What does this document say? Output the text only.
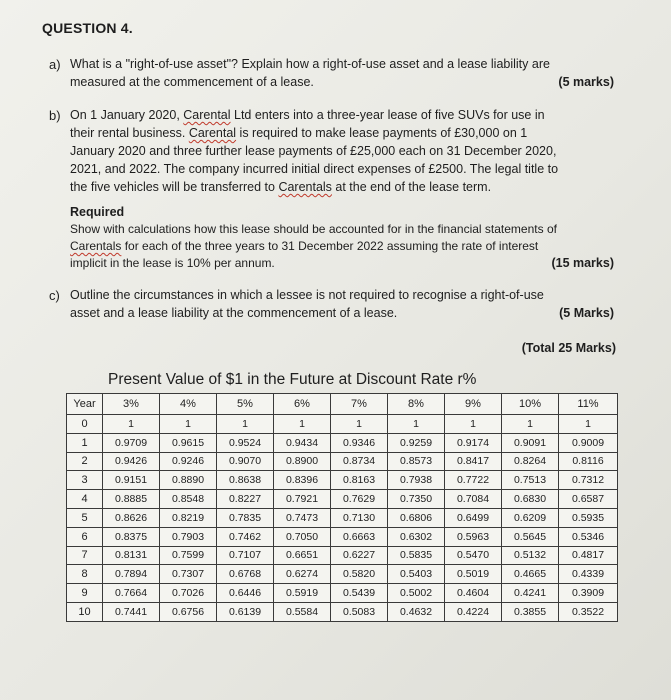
QUESTION 4.
a) What is a "right-of-use asset"? Explain how a right-of-use asset and a lease liability are
measured at the commencement of a lease.	(5 marks)
b) On 1 January 2020, Carental Ltd enters into a three-year lease of five SUVs for use in
their rental business. Carental is required to make lease payments of £30,000 on 1
January 2020 and three further lease payments of £25,000 each on 31 December 2020,
2021, and 2022. The company incurred initial direct expenses of £2500. The legal title to
the five vehicles will be transferred to Carentals at the end of the lease term.
Required
Show with calculations how this lease should be accounted for in the financial statements of
Carentals for each of the three years to 31 December 2022 assuming the rate of interest
implicit in the lease is 10% per annum.	(15 marks)
c) Outline the circumstances in which a lessee is not required to recognise a right-of-use
asset and a lease liability at the commencement of a lease.	(5 Marks)
(Total 25 Marks)
Present Value of $1 in the Future at Discount Rate r%
Year	3%	4%	5%	6%	7%	8%	9%	10%	11%
0	1	1	1	1	1	1	1	1	1
1	0.9709	0.9615	0.9524	0.9434	0.9346	0.9259	0.9174	0.9091	0.9009
2	0.9426	0.9246	0.9070	0.8900	0.8734	0.8573	0.8417	0.8264	0.8116
3	0.9151	0.8890	0.8638	0.8396	0.8163	0.7938	0.7722	0.7513	0.7312
4	0.8885	0.8548	0.8227	0.7921	0.7629	0.7350	0.7084	0.6830	0.6587
5	0.8626	0.8219	0.7835	0.7473	0.7130	0.6806	0.6499	0.6209	0.5935
6	0.8375	0.7903	0.7462	0.7050	0.6663	0.6302	0.5963	0.5645	0.5346
7	0.8131	0.7599	0.7107	0.6651	0.6227	0.5835	0.5470	0.5132	0.4817
8	0.7894	0.7307	0.6768	0.6274	0.5820	0.5403	0.5019	0.4665	0.4339
9	0.7664	0.7026	0.6446	0.5919	0.5439	0.5002	0.4604	0.4241	0.3909
10	0.7441	0.6756	0.6139	0.5584	0.5083	0.4632	0.4224	0.3855	0.3522
